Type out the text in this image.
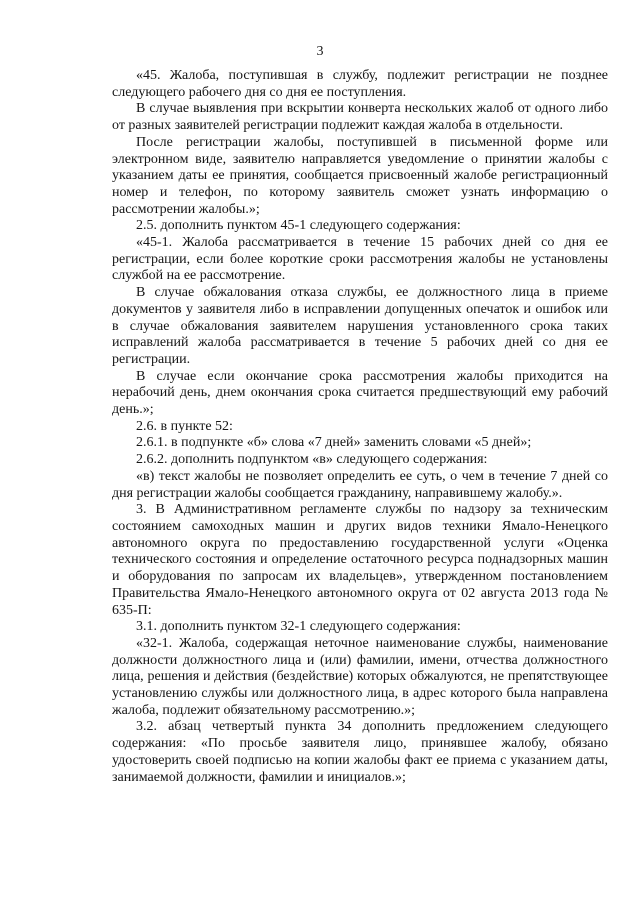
3

«45. Жалоба, поступившая в службу, подлежит регистрации не позднее следующего рабочего дня со дня ее поступления.

В случае выявления при вскрытии конверта нескольких жалоб от одного либо от разных заявителей регистрации подлежит каждая жалоба в отдельности.

После регистрации жалобы, поступившей в письменной форме или электронном виде, заявителю направляется уведомление о принятии жалобы с указанием даты ее принятия, сообщается присвоенный жалобе регистрационный номер и телефон, по которому заявитель сможет узнать информацию о рассмотрении жалобы.»;

2.5. дополнить пунктом 45-1 следующего содержания:

«45-1. Жалоба рассматривается в течение 15 рабочих дней со дня ее регистрации, если более короткие сроки рассмотрения жалобы не установлены службой на ее рассмотрение.

В случае обжалования отказа службы, ее должностного лица в приеме документов у заявителя либо в исправлении допущенных опечаток и ошибок или в случае обжалования заявителем нарушения установленного срока таких исправлений жалоба рассматривается в течение 5 рабочих дней со дня ее регистрации.

В случае если окончание срока рассмотрения жалобы приходится на нерабочий день, днем окончания срока считается предшествующий ему рабочий день.»;

2.6. в пункте 52:

2.6.1. в подпункте «б» слова «7 дней» заменить словами «5 дней»;

2.6.2. дополнить подпунктом «в» следующего содержания:

«в) текст жалобы не позволяет определить ее суть, о чем в течение 7 дней со дня регистрации жалобы сообщается гражданину, направившему жалобу.».

3. В Административном регламенте службы по надзору за техническим состоянием самоходных машин и других видов техники Ямало-Ненецкого автономного округа по предоставлению государственной услуги «Оценка технического состояния и определение остаточного ресурса поднадзорных машин и оборудования по запросам их владельцев», утвержденном постановлением Правительства Ямало-Ненецкого автономного округа от 02 августа 2013 года № 635-П:

3.1. дополнить пунктом 32-1 следующего содержания:

«32-1. Жалоба, содержащая неточное наименование службы, наименование должности должностного лица и (или) фамилии, имени, отчества должностного лица, решения и действия (бездействие) которых обжалуются, не препятствующее установлению службы или должностного лица, в адрес которого была направлена жалоба, подлежит обязательному рассмотрению.»;

3.2. абзац четвертый пункта 34 дополнить предложением следующего содержания: «По просьбе заявителя лицо, принявшее жалобу, обязано удостоверить своей подписью на копии жалобы факт ее приема с указанием даты, занимаемой должности, фамилии и инициалов.»;
